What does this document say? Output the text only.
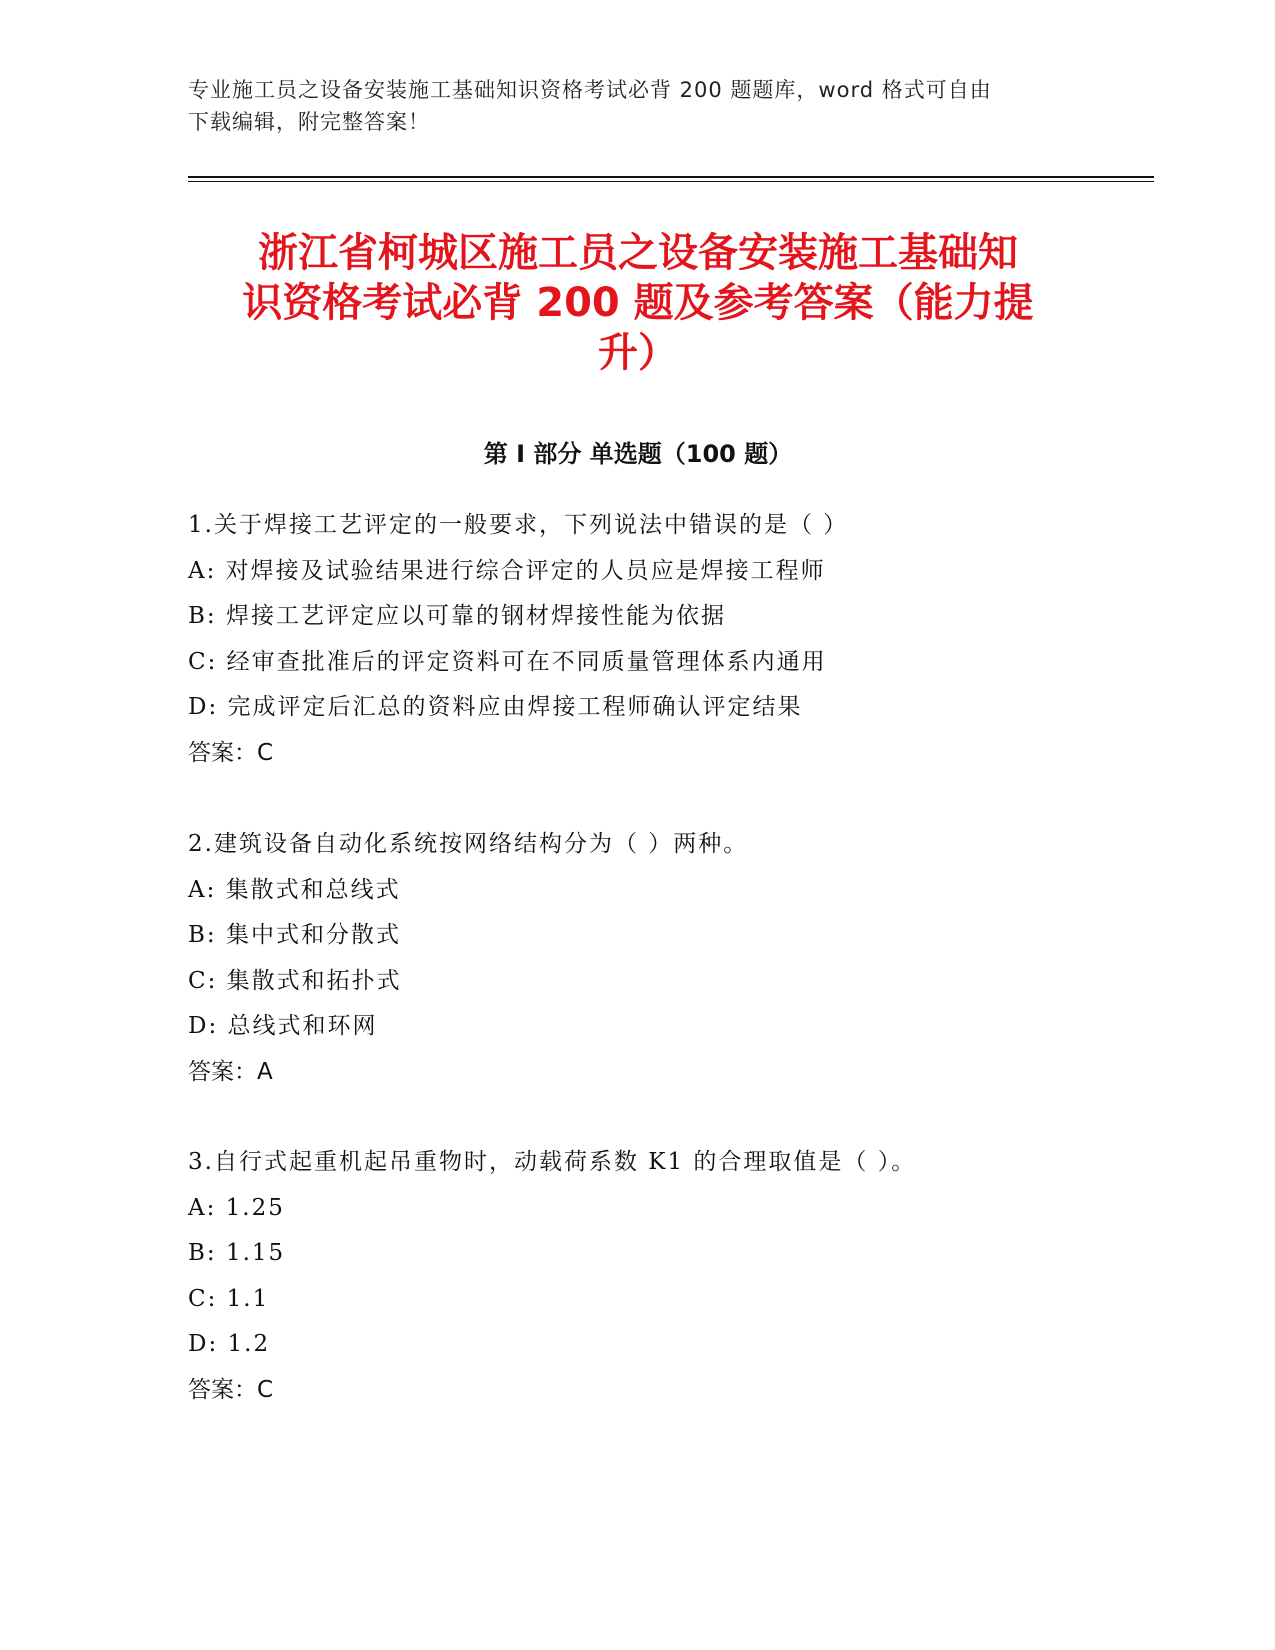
专业施工员之设备安装施工基础知识资格考试必背 200 题题库，word 格式可自由
下载编辑，附完整答案！
浙江省柯城区施工员之设备安装施工基础知
识资格考试必背 200 题及参考答案（能力提
升）
第 I 部分 单选题（100 题）
1.关于焊接工艺评定的一般要求，下列说法中错误的是（ ）
A: 对焊接及试验结果进行综合评定的人员应是焊接工程师
B: 焊接工艺评定应以可靠的钢材焊接性能为依据
C: 经审查批准后的评定资料可在不同质量管理体系内通用
D: 完成评定后汇总的资料应由焊接工程师确认评定结果
答案：C
2.建筑设备自动化系统按网络结构分为（ ）两种。
A: 集散式和总线式
B: 集中式和分散式
C: 集散式和拓扑式
D: 总线式和环网
答案：A
3.自行式起重机起吊重物时，动载荷系数 K1 的合理取值是（ ）。
A: 1.25
B: 1.15
C: 1.1
D: 1.2
答案：C
